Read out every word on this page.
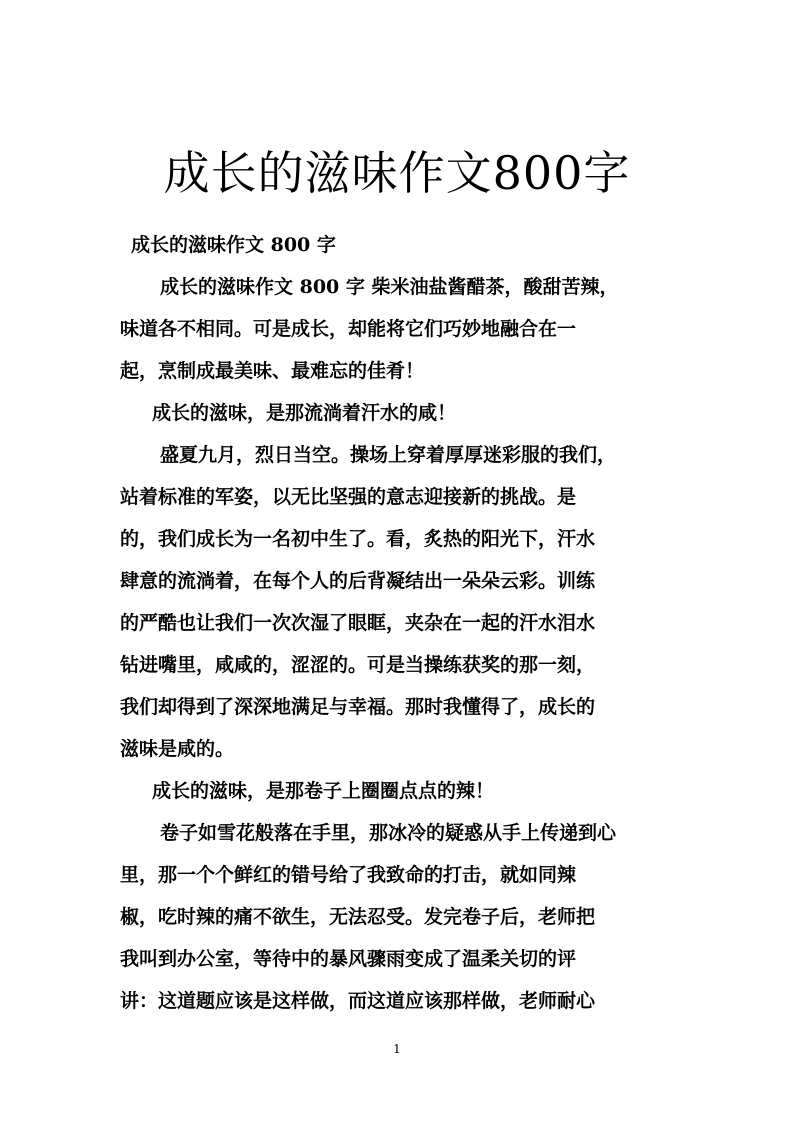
成长的滋味作文800字

成长的滋味作文 800 字

成长的滋味作文 800 字 柴米油盐酱醋茶，酸甜苦辣，

味道各不相同。可是成长，却能将它们巧妙地融合在一

起，烹制成最美味、最难忘的佳肴！

成长的滋味，是那流淌着汗水的咸！

盛夏九月，烈日当空。操场上穿着厚厚迷彩服的我们，

站着标准的军姿，以无比坚强的意志迎接新的挑战。是

的，我们成长为一名初中生了。看，炙热的阳光下，汗水

肆意的流淌着，在每个人的后背凝结出一朵朵云彩。训练

的严酷也让我们一次次湿了眼眶，夹杂在一起的汗水泪水

钻进嘴里，咸咸的，涩涩的。可是当操练获奖的那一刻，

我们却得到了深深地满足与幸福。那时我懂得了，成长的

滋味是咸的。

成长的滋味，是那卷子上圈圈点点的辣！

卷子如雪花般落在手里，那冰冷的疑惑从手上传递到心

里，那一个个鲜红的错号给了我致命的打击，就如同辣

椒，吃时辣的痛不欲生，无法忍受。发完卷子后，老师把

我叫到办公室，等待中的暴风骤雨变成了温柔关切的评

讲：这道题应该是这样做，而这道应该那样做，老师耐心

1
